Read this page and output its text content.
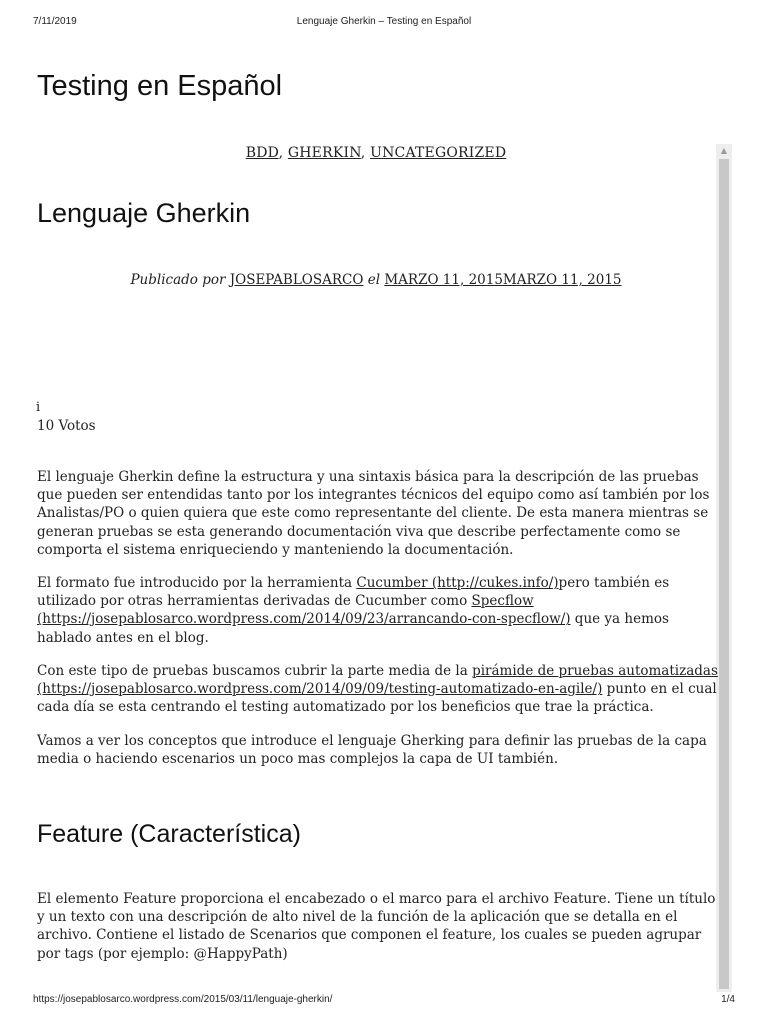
7/11/2019	Lenguaje Gherkin – Testing en Español
Testing en Español
BDD, GHERKIN, UNCATEGORIZED	▲
Lenguaje Gherkin
Publicado por JOSEPABLOSARCO el MARZO 11, 2015MARZO 11, 2015
i
10 Votos

El lenguaje Gherkin define la estructura y una sintaxis básica para la descripción de las pruebas
que pueden ser entendidas tanto por los integrantes técnicos del equipo como así también por los
Analistas/PO o quien quiera que este como representante del cliente. De esta manera mientras se
generan pruebas se esta generando documentación viva que describe perfectamente como se
comporta el sistema enriqueciendo y manteniendo la documentación.

El formato fue introducido por la herramienta Cucumber (http://cukes.info/)pero también es
utilizado por otras herramientas derivadas de Cucumber como Specflow
(https://josepablosarco.wordpress.com/2014/09/23/arrancando-con-specflow/) que ya hemos
hablado antes en el blog.

Con este tipo de pruebas buscamos cubrir la parte media de la pirámide de pruebas automatizadas
(https://josepablosarco.wordpress.com/2014/09/09/testing-automatizado-en-agile/) punto en el cual
cada día se esta centrando el testing automatizado por los beneficios que trae la práctica.

Vamos a ver los conceptos que introduce el lenguaje Gherking para definir las pruebas de la capa
media o haciendo escenarios un poco mas complejos la capa de UI también.

Feature (Característica)

El elemento Feature proporciona el encabezado o el marco para el archivo Feature. Tiene un título
y un texto con una descripción de alto nivel de la función de la aplicación que se detalla en el
archivo. Contiene el listado de Scenarios que componen el feature, los cuales se pueden agrupar
por tags (por ejemplo: @HappyPath)

https://josepablosarco.wordpress.com/2015/03/11/lenguaje-gherkin/	1/4
